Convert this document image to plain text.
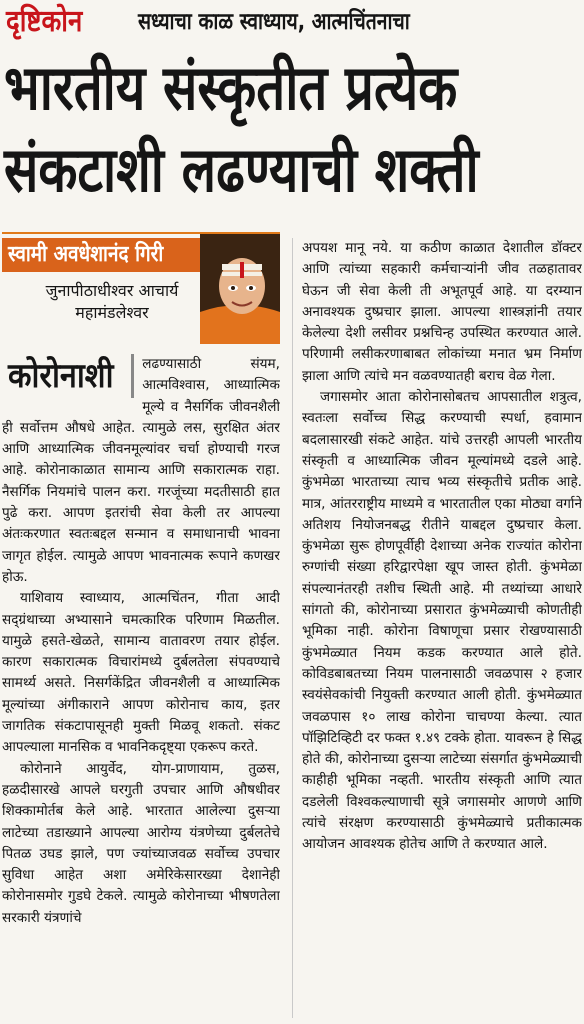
दृष्टिकोन सध्याचा काळ स्वाध्याय, आत्मचिंतनाचा
भारतीय संस्कृतीत प्रत्येक
संकटाशी लढण्याची शक्ती
स्वामी अवधेशानंद गिरी
जुनापीठाधीश्वर आचार्य
महामंडलेश्वर
कोरोनाशी	लढण्यासाठी संयम, आत्मविश्वास, आध्यात्मिक मूल्ये व नैसर्गिक जीवनशैली ही सर्वोत्तम औषधे आहेत. त्यामुळे लस, सुरक्षित अंतर आणि आध्यात्मिक जीवनमूल्यांवर चर्चा होण्याची गरज आहे. कोरोनाकाळात सामान्य आणि सकारात्मक राहा. नैसर्गिक नियमांचे पालन करा. गरजूंच्या मदतीसाठी हात पुढे करा. आपण इतरांची सेवा केली तर आपल्या अंतःकरणात स्वतःबद्दल सन्मान व समाधानाची भावना जागृत होईल. त्यामुळे आपण भावनात्मक रूपाने कणखर होऊ.

याशिवाय स्वाध्याय, आत्मचिंतन, गीता आदी सद्ग्रंथाच्या अभ्यासाने चमत्कारिक परिणाम मिळतील. यामुळे हसते-खेळते, सामान्य वातावरण तयार होईल. कारण सकारात्मक विचारांमध्ये दुर्बलतेला संपवण्याचे सामर्थ्य असते. निसर्गकेंद्रित जीवनशैली व आध्यात्मिक मूल्यांच्या अंगीकाराने आपण कोरोनाच काय, इतर जागतिक संकटापासूनही मुक्ती मिळवू शकतो. संकट आपल्याला मानसिक व भावनिकदृष्ट्या एकरूप करते.

कोरोनाने आयुर्वेद, योग-प्राणायाम, तुळस, हळदीसारखे आपले घरगुती उपचार आणि औषधीवर शिक्कामोर्तब केले आहे. भारतात आलेल्या दुसऱ्या लाटेच्या तडाख्याने आपल्या आरोग्य यंत्रणेच्या दुर्बलतेचे पितळ उघड झाले, पण ज्यांच्याजवळ सर्वोच्च उपचार सुविधा आहेत अशा अमेरिकेसारख्या देशानेही कोरोनासमोर गुडघे टेकले. त्यामुळे कोरोनाच्या भीषणतेला सरकारी यंत्रणांचे

अपयश मानू नये. या कठीण काळात देशातील डॉक्टर आणि त्यांच्या सहकारी कर्मचाऱ्यांनी जीव तळहातावर घेऊन जी सेवा केली ती अभूतपूर्व आहे. या दरम्यान अनावश्यक दुष्प्रचार झाला. आपल्या शास्त्रज्ञांनी तयार केलेल्या देशी लसीवर प्रश्नचिन्ह उपस्थित करण्यात आले. परिणामी लसीकरणाबाबत लोकांच्या मनात भ्रम निर्माण झाला आणि त्यांचे मन वळवण्यातही बराच वेळ गेला.

जगासमोर आता कोरोनासोबतच आपसातील शत्रुत्व, स्वतःला सर्वोच्च सिद्ध करण्याची स्पर्धा, हवामान बदलासारखी संकटे आहेत. यांचे उत्तरही आपली भारतीय संस्कृती व आध्यात्मिक जीवन मूल्यांमध्ये दडले आहे. कुंभमेळा भारताच्या त्याच भव्य संस्कृतीचे प्रतीक आहे. मात्र, आंतरराष्ट्रीय माध्यमे व भारतातील एका मोठ्या वर्गाने अतिशय नियोजनबद्ध रीतीने याबद्दल दुष्प्रचार केला. कुंभमेळा सुरू होणपूर्वीही देशाच्या अनेक राज्यांत कोरोना रुग्णांची संख्या हरिद्वारपेक्षा खूप जास्त होती. कुंभमेळा संपल्यानंतरही तशीच स्थिती आहे. मी तथ्यांच्या आधारे सांगतो की, कोरोनाच्या प्रसारात कुंभमेळ्याची कोणतीही भूमिका नाही. कोरोना विषाणूचा प्रसार रोखण्यासाठी कुंभमेळ्यात नियम कडक करण्यात आले होते. कोविडबाबतच्या नियम पालनासाठी जवळपास २ हजार स्वयंसेवकांची नियुक्ती करण्यात आली होती. कुंभमेळ्यात जवळपास १० लाख कोरोना चाचण्या केल्या. त्यात पॉझिटिव्हिटी दर फक्त १.४९ टक्के होता. यावरून हे सिद्ध होते की, कोरोनाच्या दुसऱ्या लाटेच्या संसर्गात कुंभमेळ्याची काहीही भूमिका नव्हती. भारतीय संस्कृती आणि त्यात दडलेली विश्वकल्याणाची सूत्रे जगासमोर आणणे आणि त्यांचे संरक्षण करण्यासाठी कुंभमेळ्याचे प्रतीकात्मक आयोजन आवश्यक होतेच आणि ते करण्यात आले.
